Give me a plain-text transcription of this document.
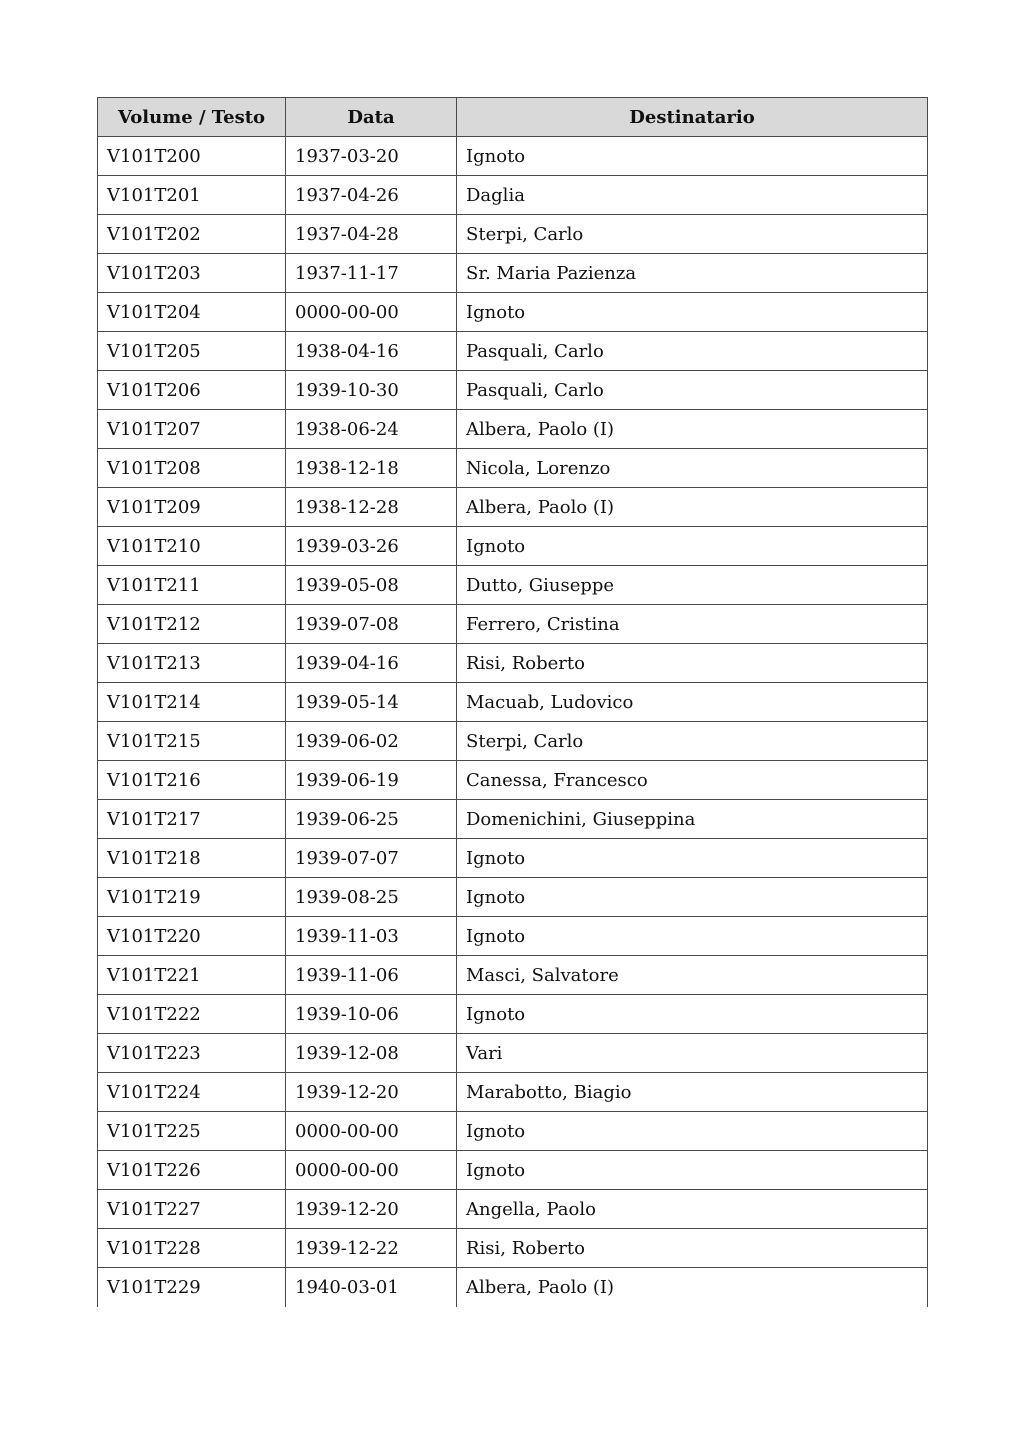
Volume / Testo	Data	Destinatario
V101T200	1937-03-20	Ignoto
V101T201	1937-04-26	Daglia
V101T202	1937-04-28	Sterpi, Carlo
V101T203	1937-11-17	Sr. Maria Pazienza
V101T204	0000-00-00	Ignoto
V101T205	1938-04-16	Pasquali, Carlo
V101T206	1939-10-30	Pasquali, Carlo
V101T207	1938-06-24	Albera, Paolo (I)
V101T208	1938-12-18	Nicola, Lorenzo
V101T209	1938-12-28	Albera, Paolo (I)
V101T210	1939-03-26	Ignoto
V101T211	1939-05-08	Dutto, Giuseppe
V101T212	1939-07-08	Ferrero, Cristina
V101T213	1939-04-16	Risi, Roberto
V101T214	1939-05-14	Macuab, Ludovico
V101T215	1939-06-02	Sterpi, Carlo
V101T216	1939-06-19	Canessa, Francesco
V101T217	1939-06-25	Domenichini, Giuseppina
V101T218	1939-07-07	Ignoto
V101T219	1939-08-25	Ignoto
V101T220	1939-11-03	Ignoto
V101T221	1939-11-06	Masci, Salvatore
V101T222	1939-10-06	Ignoto
V101T223	1939-12-08	Vari
V101T224	1939-12-20	Marabotto, Biagio
V101T225	0000-00-00	Ignoto
V101T226	0000-00-00	Ignoto
V101T227	1939-12-20	Angella, Paolo
V101T228	1939-12-22	Risi, Roberto
V101T229	1940-03-01	Albera, Paolo (I)
